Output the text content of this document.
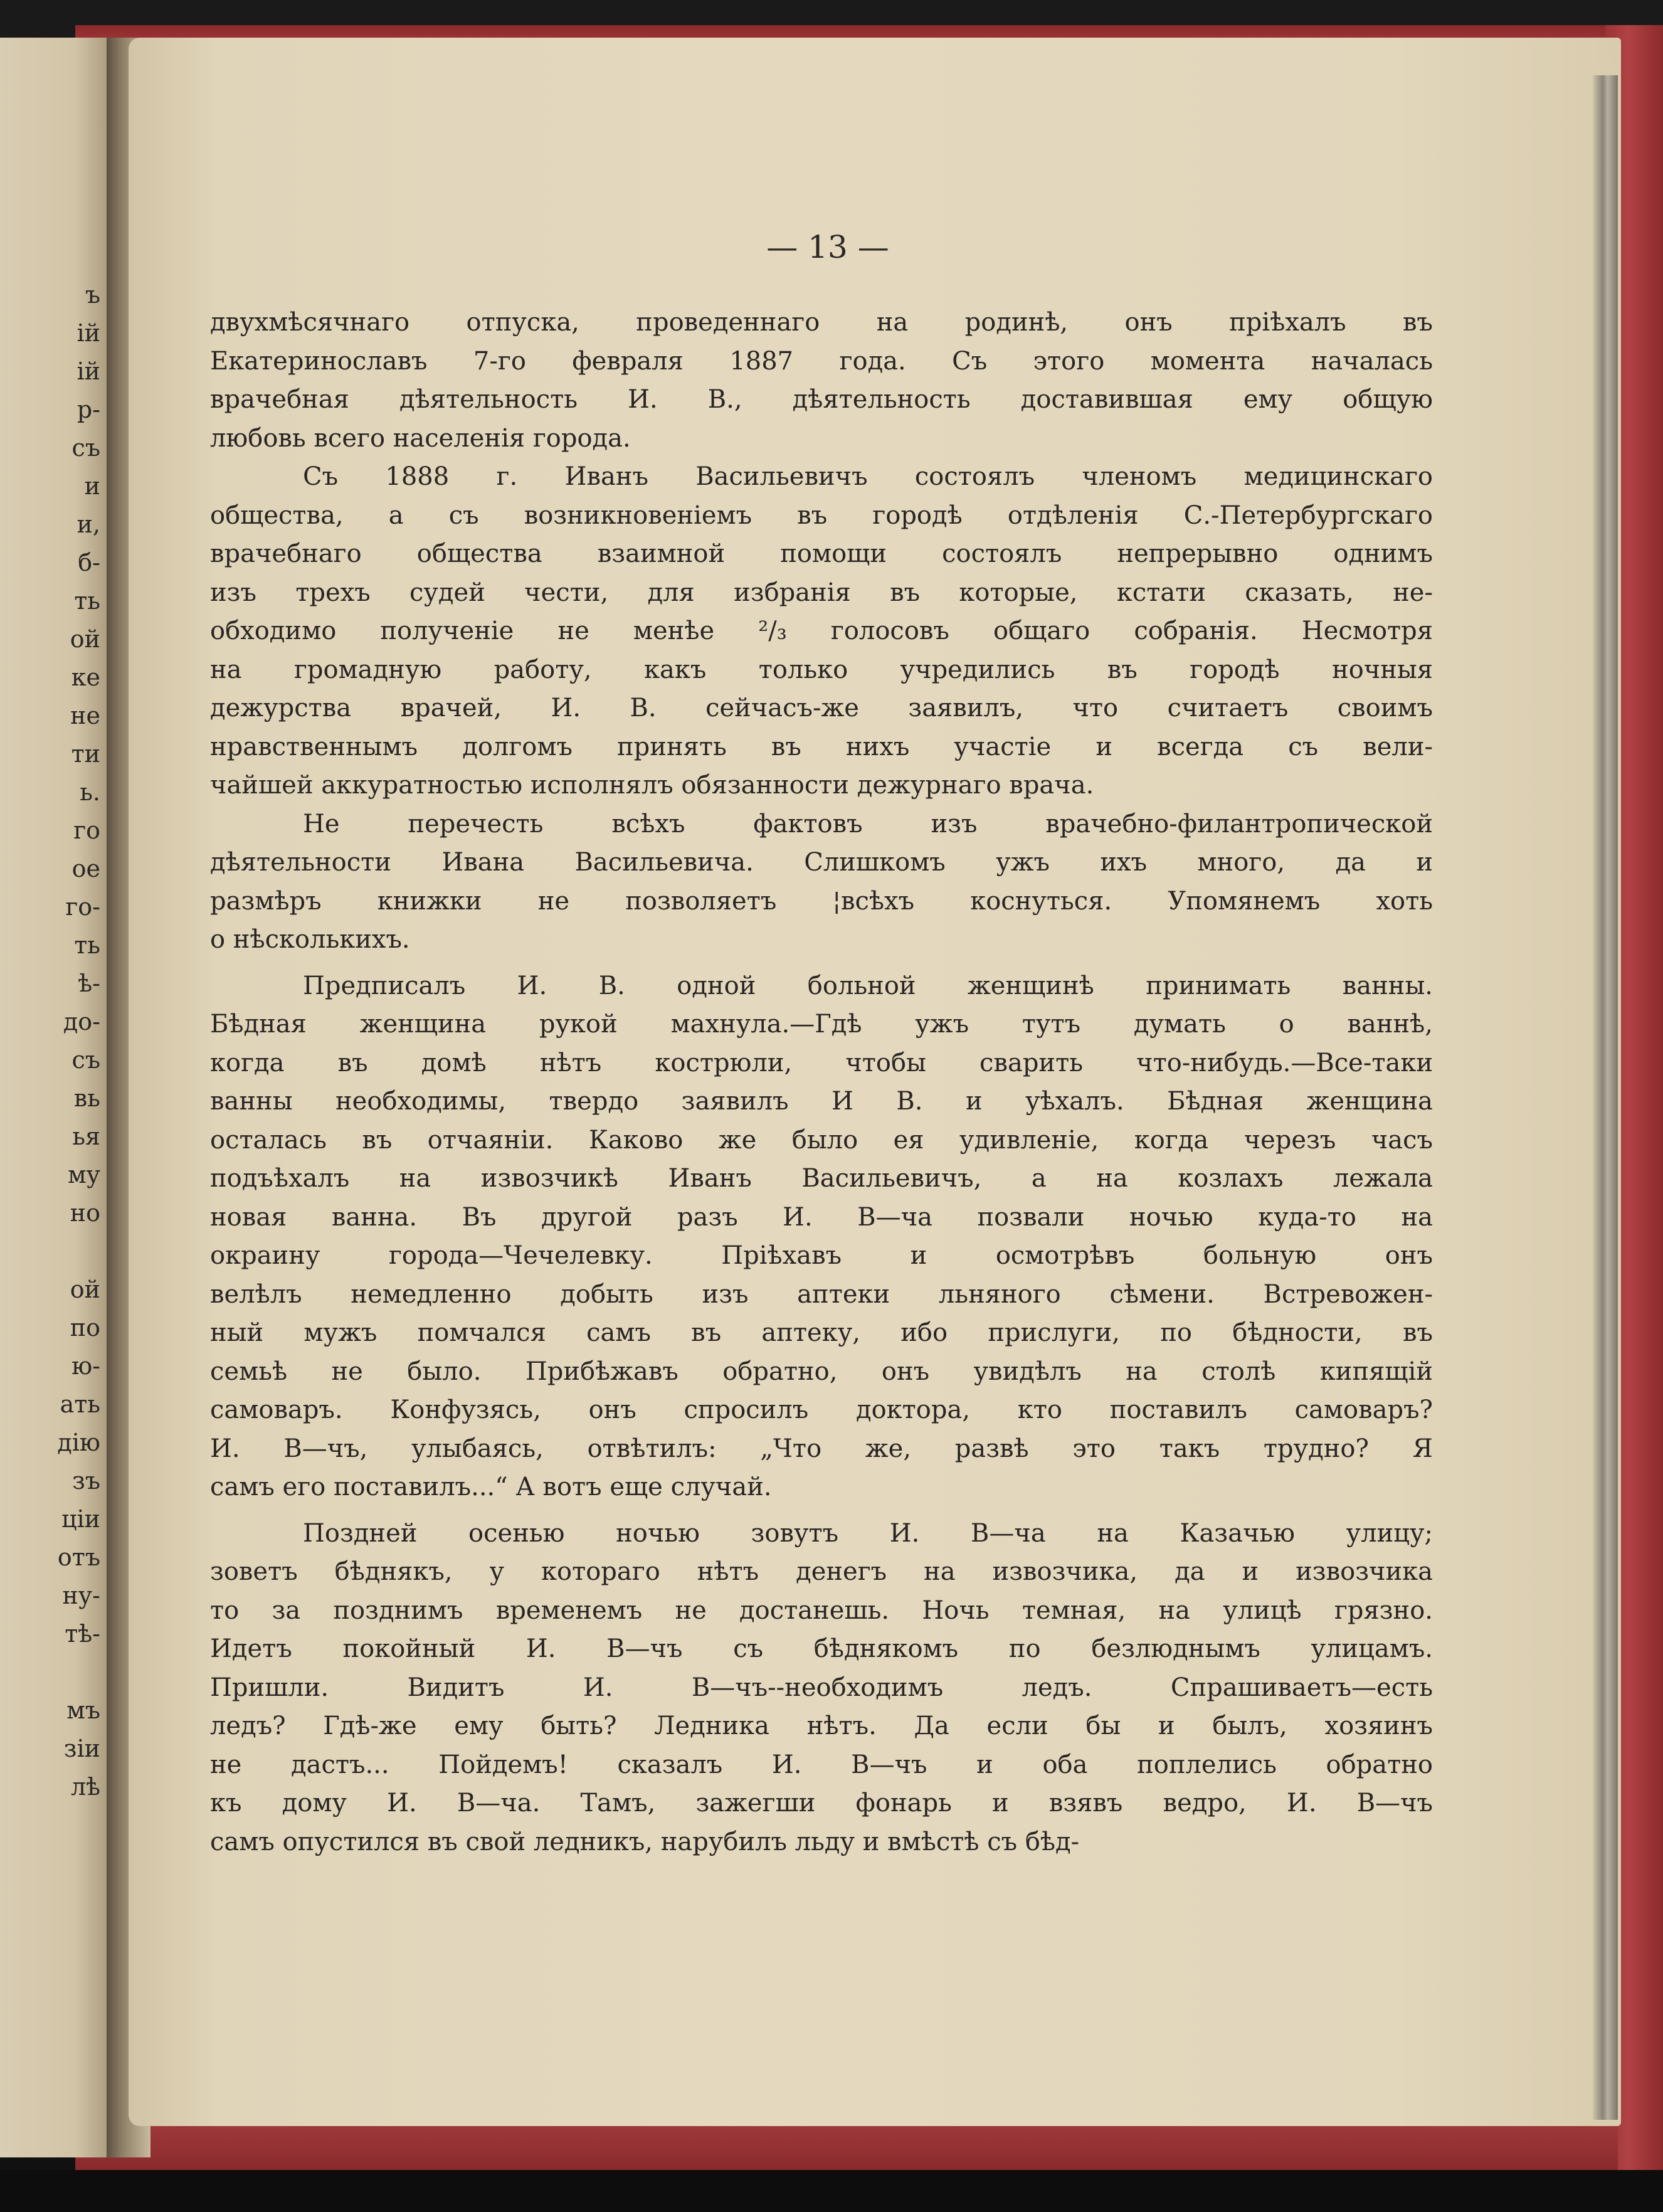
ъ
ій
ій
р-
съ
и
и,
б-
ть
ой
ке
не
ти
ь.
го
ое
го-
ть
ѣ-
до-
съ
вь
ья
му
но
ой
по
ю-
ать
дію
зъ
ціи
отъ
ну-
тѣ-
мъ
зіи
лѣ
— 13 —
двухмѣсячнаго отпуска, проведеннаго на родинѣ, онъ пріѣхалъ въ
Екатеринославъ 7-го февраля 1887 года. Съ этого момента началась
врачебная дѣятельность И. В., дѣятельность доставившая ему общую
любовь всего населенія города.
Съ 1888 г. Иванъ Васильевичъ состоялъ членомъ медицинскаго
общества, а съ возникновеніемъ въ городѣ отдѣленія С.-Петербургскаго
врачебнаго общества взаимной помощи состоялъ непрерывно однимъ
изъ трехъ судей чести, для избранія въ которые, кстати сказать, не-
обходимо полученіе не менѣе ²/₃ голосовъ общаго собранія. Несмотря
на громадную работу, какъ только учредились въ городѣ ночныя
дежурства врачей, И. В. сейчасъ-же заявилъ, что считаетъ своимъ
нравственнымъ долгомъ принять въ нихъ участіе и всегда съ вели-
чайшей аккуратностью исполнялъ обязанности дежурнаго врача.
Не перечесть всѣхъ фактовъ изъ врачебно-филантропической
дѣятельности Ивана Васильевича. Слишкомъ ужъ ихъ много, да и
размѣръ книжки не позволяетъ ¦всѣхъ коснуться. Упомянемъ хоть
о нѣсколькихъ.
Предписалъ И. В. одной больной женщинѣ принимать ванны.
Бѣдная женщина рукой махнула.—Гдѣ ужъ тутъ думать о ваннѣ,
когда въ домѣ нѣтъ кострюли, чтобы сварить что-нибудь.—Все-таки
ванны необходимы, твердо заявилъ И В. и уѣхалъ. Бѣдная женщина
осталась въ отчаяніи. Каково же было ея удивленіе, когда черезъ часъ
подъѣхалъ на извозчикѣ Иванъ Васильевичъ, а на козлахъ лежала
новая ванна. Въ другой разъ И. В—ча позвали ночью куда-то на
окраину города—Чечелевку. Пріѣхавъ и осмотрѣвъ больную онъ
велѣлъ немедленно добыть изъ аптеки льняного сѣмени. Встревожен-
ный мужъ помчался самъ въ аптеку, ибо прислуги, по бѣдности, въ
семьѣ не было. Прибѣжавъ обратно, онъ увидѣлъ на столѣ кипящій
самоваръ. Конфузясь, онъ спросилъ доктора, кто поставилъ самоваръ?
И. В—чъ, улыбаясь, отвѣтилъ: „Что же, развѣ это такъ трудно? Я
самъ его поставилъ...“ А вотъ еще случай.
Поздней осенью ночью зовутъ И. В—ча на Казачью улицу;
зоветъ бѣднякъ, у котораго нѣтъ денегъ на извозчика, да и извозчика
то за позднимъ временемъ не достанешь. Ночь темная, на улицѣ грязно.
Идетъ покойный И. В—чъ съ бѣднякомъ по безлюднымъ улицамъ.
Пришли. Видитъ И. В—чъ--необходимъ ледъ. Спрашиваетъ—есть
ледъ? Гдѣ-же ему быть? Ледника нѣтъ. Да если бы и былъ, хозяинъ
не дастъ... Пойдемъ! сказалъ И. В—чъ и оба поплелись обратно
къ дому И. В—ча. Тамъ, зажегши фонарь и взявъ ведро, И. В—чъ
самъ опустился въ свой ледникъ, нарубилъ льду и вмѣстѣ съ бѣд-
